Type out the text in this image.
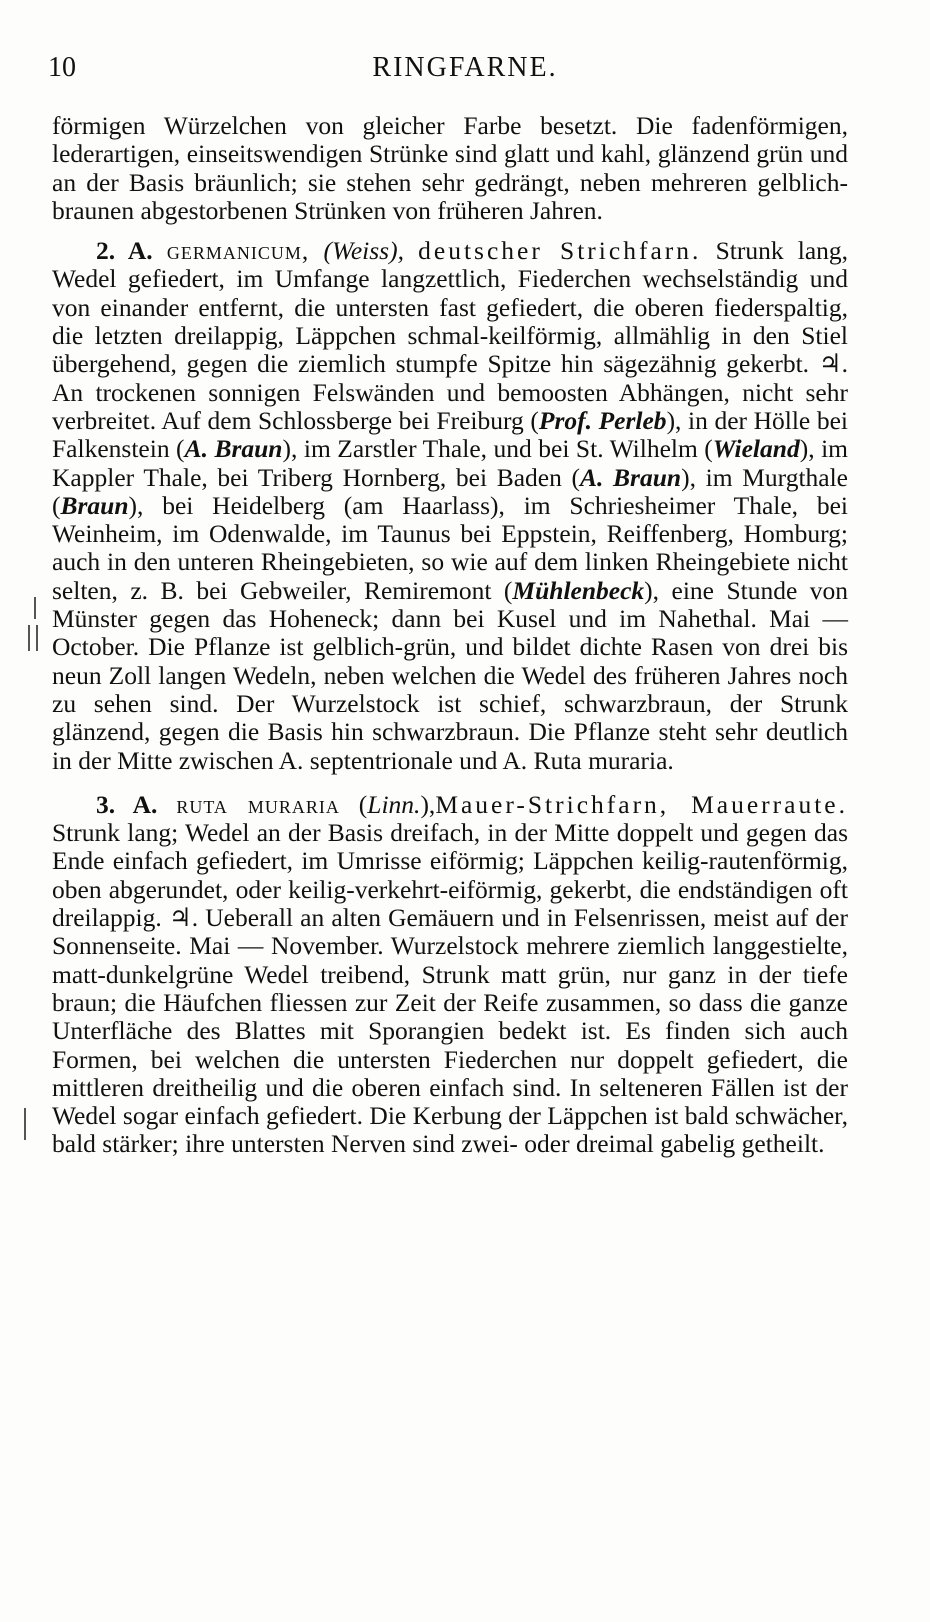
10	RINGFARNE.

förmigen Würzelchen von gleicher Farbe besetzt. Die fadenförmigen, lederartigen, einseitswendigen Strünke sind glatt und kahl, glänzend grün und an der Basis bräunlich; sie stehen sehr gedrängt, neben mehreren gelblich-braunen abgestorbenen Strünken von früheren Jahren.

2. A. germanicum, (Weiss), deutscher Strichfarn. Strunk lang, Wedel gefiedert, im Umfange langzettlich, Fiederchen wechselständig und von einander entfernt, die untersten fast gefiedert, die oberen fiederspaltig, die letzten dreilappig, Läppchen schmal-keilförmig, allmählig in den Stiel übergehend, gegen die ziemlich stumpfe Spitze hin sägezähnig gekerbt. ♃. An trockenen sonnigen Felswänden und bemoosten Abhängen, nicht sehr verbreitet. Auf dem Schlossberge bei Freiburg (Prof. Perleb), in der Hölle bei Falkenstein (A. Braun), im Zarstler Thale, und bei St. Wilhelm (Wieland), im Kappler Thale, bei Triberg Hornberg, bei Baden (A. Braun), im Murgthale (Braun), bei Heidelberg (am Haarlass), im Schriesheimer Thale, bei Weinheim, im Odenwalde, im Taunus bei Eppstein, Reiffenberg, Homburg; auch in den unteren Rheingebieten, so wie auf dem linken Rheingebiete nicht selten, z. B. bei Gebweiler, Remiremont (Mühlenbeck), eine Stunde von Münster gegen das Hoheneck; dann bei Kusel und im Nahethal. Mai — October. Die Pflanze ist gelblich-grün, und bildet dichte Rasen von drei bis neun Zoll langen Wedeln, neben welchen die Wedel des früheren Jahres noch zu sehen sind. Der Wurzelstock ist schief, schwarzbraun, der Strunk glänzend, gegen die Basis hin schwarzbraun. Die Pflanze steht sehr deutlich in der Mitte zwischen A. septentrionale und A. Ruta muraria.

3. A. ruta muraria (Linn.),Mauer-Strichfarn, Mauerraute. Strunk lang; Wedel an der Basis dreifach, in der Mitte doppelt und gegen das Ende einfach gefiedert, im Umrisse eiförmig; Läppchen keilig-rautenförmig, oben abgerundet, oder keilig-verkehrt-eiförmig, gekerbt, die endständigen oft dreilappig. ♃. Ueberall an alten Gemäuern und in Felsenrissen, meist auf der Sonnenseite. Mai — November. Wurzelstock mehrere ziemlich langgestielte, matt-dunkelgrüne Wedel treibend, Strunk matt grün, nur ganz in der tiefe braun; die Häufchen fliessen zur Zeit der Reife zusammen, so dass die ganze Unterfläche des Blattes mit Sporangien bedekt ist. Es finden sich auch Formen, bei welchen die untersten Fiederchen nur doppelt gefiedert, die mittleren dreitheilig und die oberen einfach sind. In selteneren Fällen ist der Wedel sogar einfach gefiedert. Die Kerbung der Läppchen ist bald schwächer, bald stärker; ihre untersten Nerven sind zwei- oder dreimal gabelig getheilt.
